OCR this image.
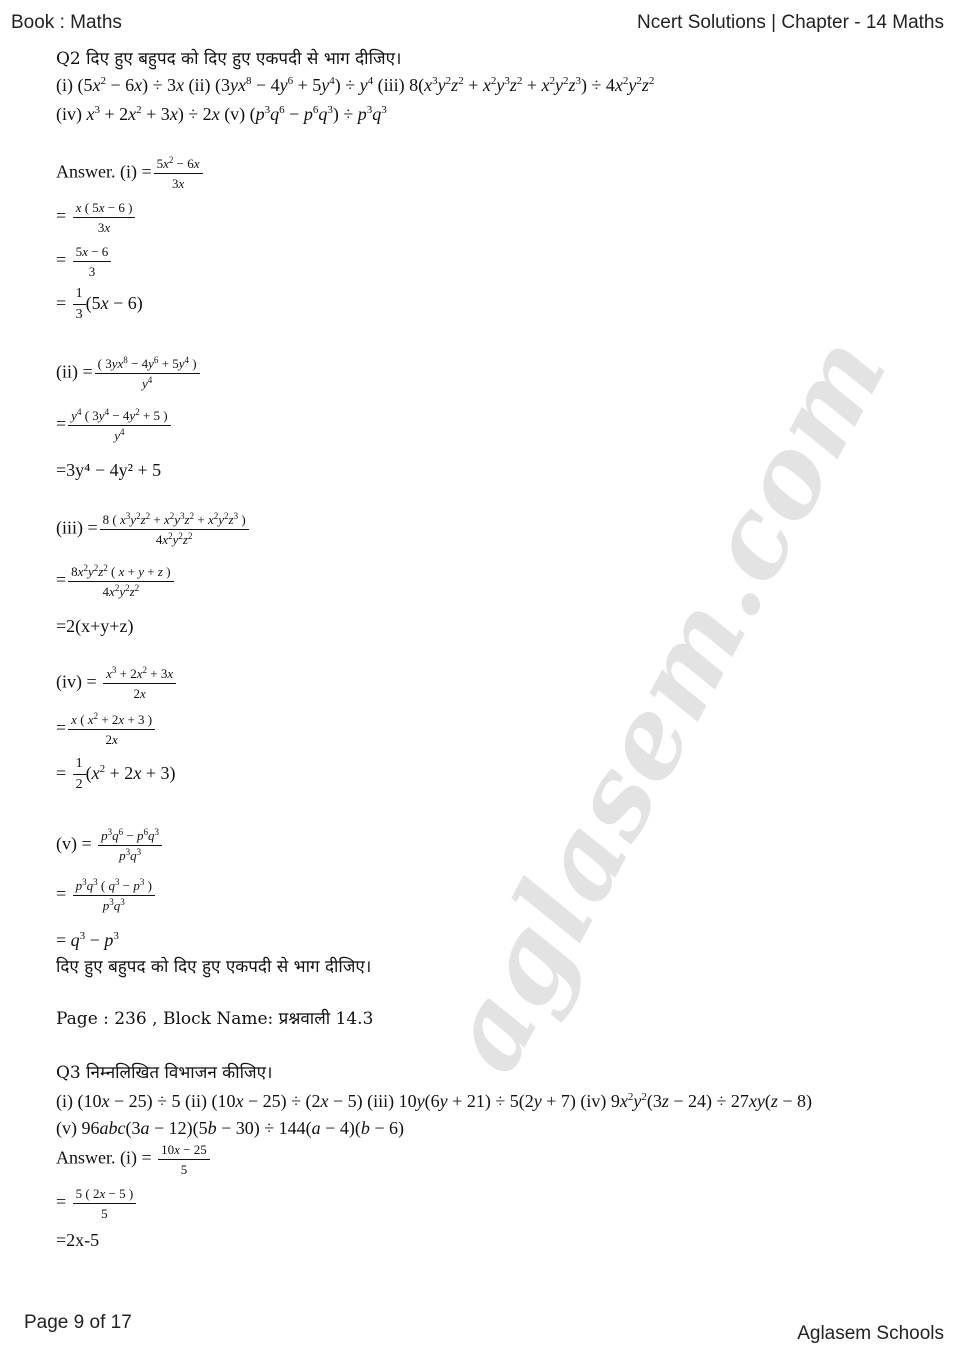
aglasem.com
Book : Maths	Ncert Solutions | Chapter - 14 Maths
Q2 दिए हुए बहुपद को दिए हुए एकपदी से भाग दीजिए।
(i) $(5x^2 - 6x) \div 3x$ (ii) $(3yx^8 - 4y^6 + 5y^4) \div y^4$ (iii) $8(x^3y^2z^2 + x^2y^3z^2 + x^2y^2z^3) \div 4x^2y^2z^2$
(iv) $x^3 + 2x^2 + 3x) \div 2x$ (v) $(p^3q^6 - p^6q^3) \div p^3q^3$
Answer. $(i) = \frac{5x^2 - 6x}{3x}$
= $\frac{x ( 5x - 6 )}{3x}$
= $\frac{5x - 6}{3}$
= $\frac{1}{3} (5x - 6)$
$(ii) = \frac{( 3yx^8 - 4y^6 + 5y^4 )}{y^4}$
= $\frac{y^4 ( 3y^4 - 4y^2 + 5 )}{y^4}$
=3y⁴ − 4y² + 5
$(iii) = \frac{8 ( x^3y^2z^2 + x^2y^3z^2 + x^2y^2z^3 )}{4x^2y^2z^2}$
= $\frac{8x^2y^2z^2 ( x + y + z )}{4x^2y^2z^2}$
=2(x+y+z)
$(iv) = \frac{x^3 + 2x^2 + 3x}{2x}$
= $\frac{x ( x^2 + 2x + 3 )}{2x}$
= $\frac{1}{2} (x^2 + 2x + 3)$
$(v) = \frac{p^3q^6 - p^6q^3}{p^3q^3}$
= $\frac{p^3q^3 ( q^3 - p^3 )}{p^3q^3}$
= $q^3 - p^3$
दिए हुए बहुपद को दिए हुए एकपदी से भाग दीजिए।
Page : 236 , Block Name: प्रश्नवाली 14.3
Q3 निम्नलिखित विभाजन कीजिए।
(i) (10x − 25) ÷ 5 (ii) (10x − 25) ÷ (2x − 5) (iii) 10y(6y + 21) ÷ 5(2y + 7) (iv) $9x^2y^2(3z - 24) \div 27xy(z - 8)$
(v) 96abc(3a − 12)(5b − 30) ÷ 144(a − 4)(b − 6)
Answer. $(i) = \frac{10x - 25}{5}$
= $\frac{5 ( 2x - 5 )}{5}$
=2x-5
Page 9 of 17
Aglasem Schools
